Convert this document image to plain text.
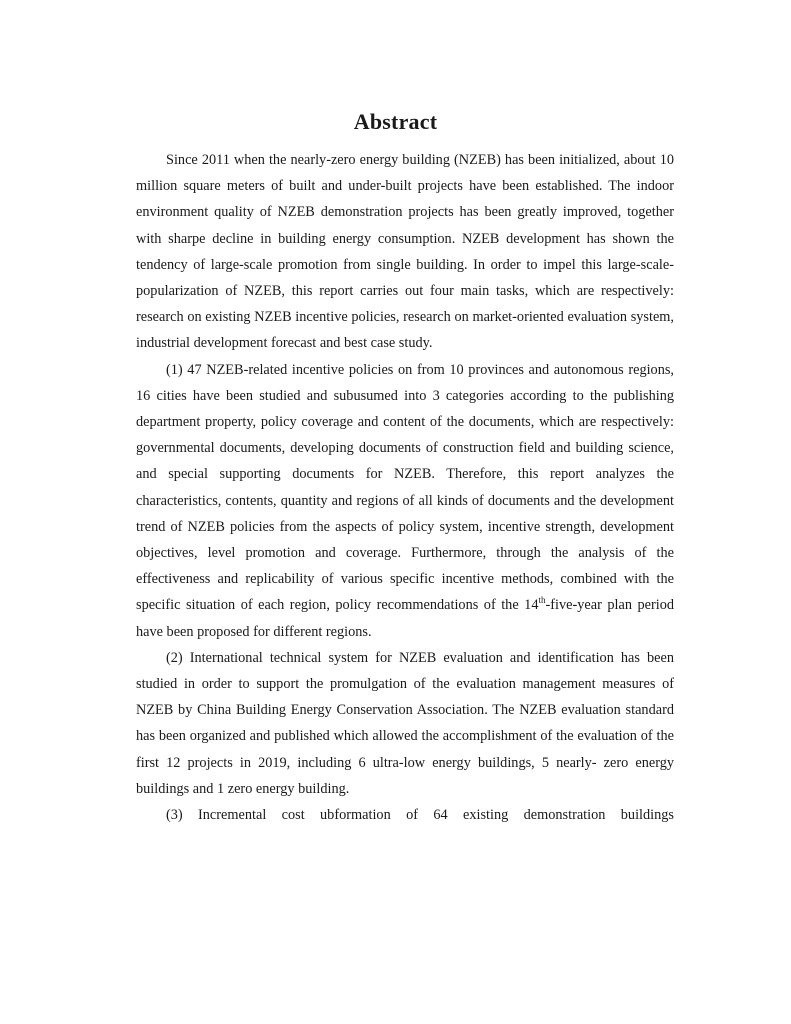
Abstract

Since 2011 when the nearly-zero energy building (NZEB) has been initialized, about 10 million square meters of built and under-built projects have been established. The indoor environment quality of NZEB demonstration projects has been greatly improved, together with sharpe decline in building energy consumption. NZEB development has shown the tendency of large-scale promotion from single building. In order to impel this large-scale-popularization of NZEB, this report carries out four main tasks, which are respectively: research on existing NZEB incentive policies, research on market-oriented evaluation system, industrial development forecast and best case study.

(1) 47 NZEB-related incentive policies on from 10 provinces and autonomous regions, 16 cities have been studied and subusumed into 3 categories according to the publishing department property, policy coverage and content of the documents, which are respectively: governmental documents, developing documents of construction field and building science, and special supporting documents for NZEB. Therefore, this report analyzes the characteristics, contents, quantity and regions of all kinds of documents and the development trend of NZEB policies from the aspects of policy system, incentive strength, development objectives, level promotion and coverage. Furthermore, through the analysis of the effectiveness and replicability of various specific incentive methods, combined with the specific situation of each region, policy recommendations of the 14th-five-year plan period have been proposed for different regions.

(2) International technical system for NZEB evaluation and identification has been studied in order to support the promulgation of the evaluation management measures of NZEB by China Building Energy Conservation Association. The NZEB evaluation standard has been organized and published which allowed the accomplishment of the evaluation of the first 12 projects in 2019, including 6 ultra-low energy buildings, 5 nearly- zero energy buildings and 1 zero energy building.

(3) Incremental cost ubformation of 64 existing demonstration buildings
